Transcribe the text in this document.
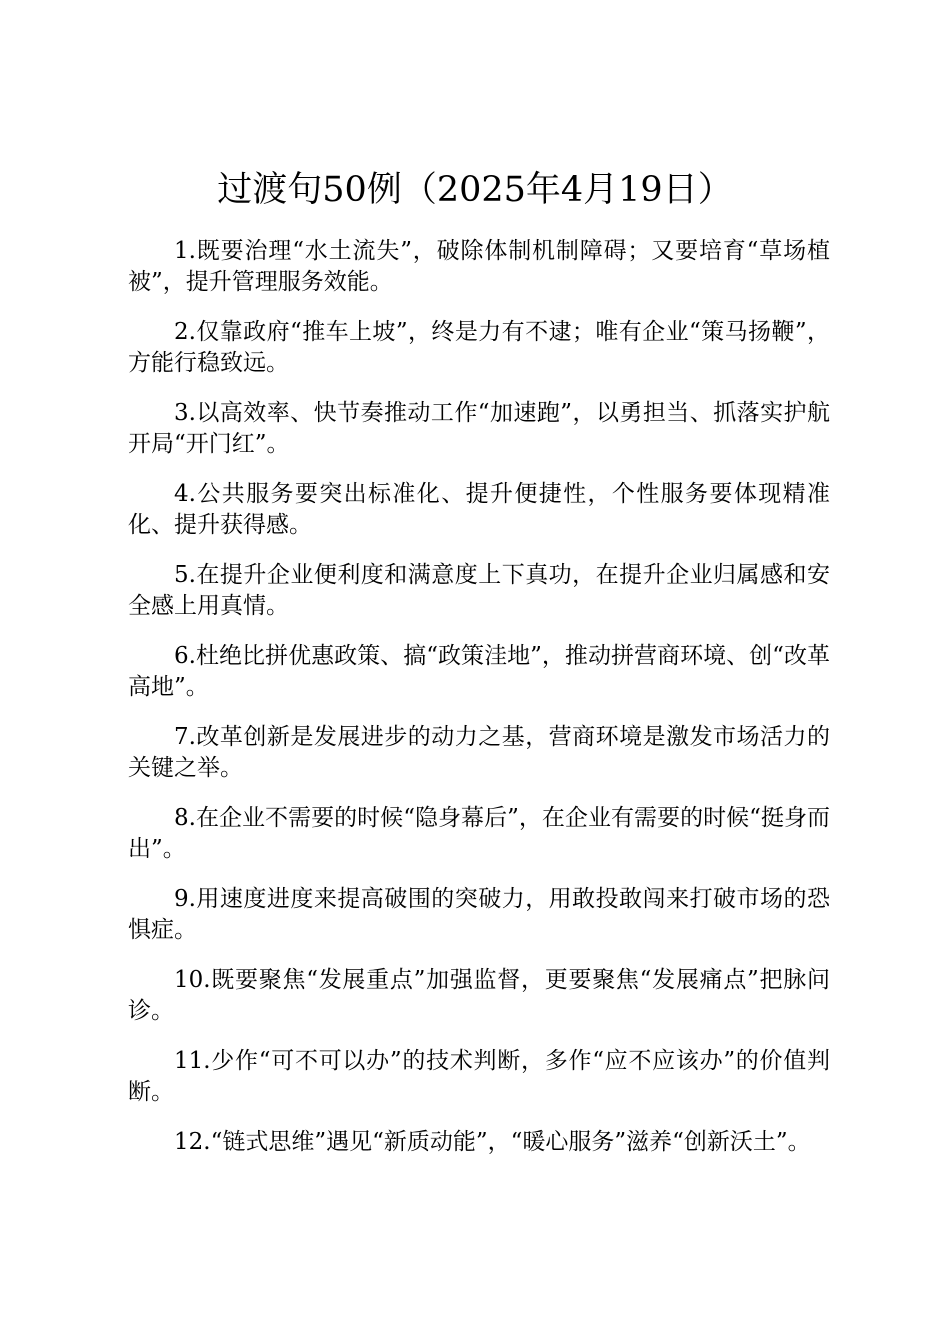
过渡句50例（2025年4月19日）

1.既要治理“水土流失”，破除体制机制障碍；又要培育“草场植被”，提升管理服务效能。

2.仅靠政府“推车上坡”，终是力有不逮；唯有企业“策马扬鞭”，方能行稳致远。

3.以高效率、快节奏推动工作“加速跑”，以勇担当、抓落实护航开局“开门红”。

4.公共服务要突出标准化、提升便捷性，个性服务要体现精准化、提升获得感。

5.在提升企业便利度和满意度上下真功，在提升企业归属感和安全感上用真情。

6.杜绝比拼优惠政策、搞“政策洼地”，推动拼营商环境、创“改革高地”。

7.改革创新是发展进步的动力之基，营商环境是激发市场活力的关键之举。

8.在企业不需要的时候“隐身幕后”，在企业有需要的时候“挺身而出”。

9.用速度进度来提高破围的突破力，用敢投敢闯来打破市场的恐惧症。

10.既要聚焦“发展重点”加强监督，更要聚焦“发展痛点”把脉问诊。

11.少作“可不可以办”的技术判断，多作“应不应该办”的价值判断。

12.“链式思维”遇见“新质动能”，“暖心服务”滋养“创新沃土”。
